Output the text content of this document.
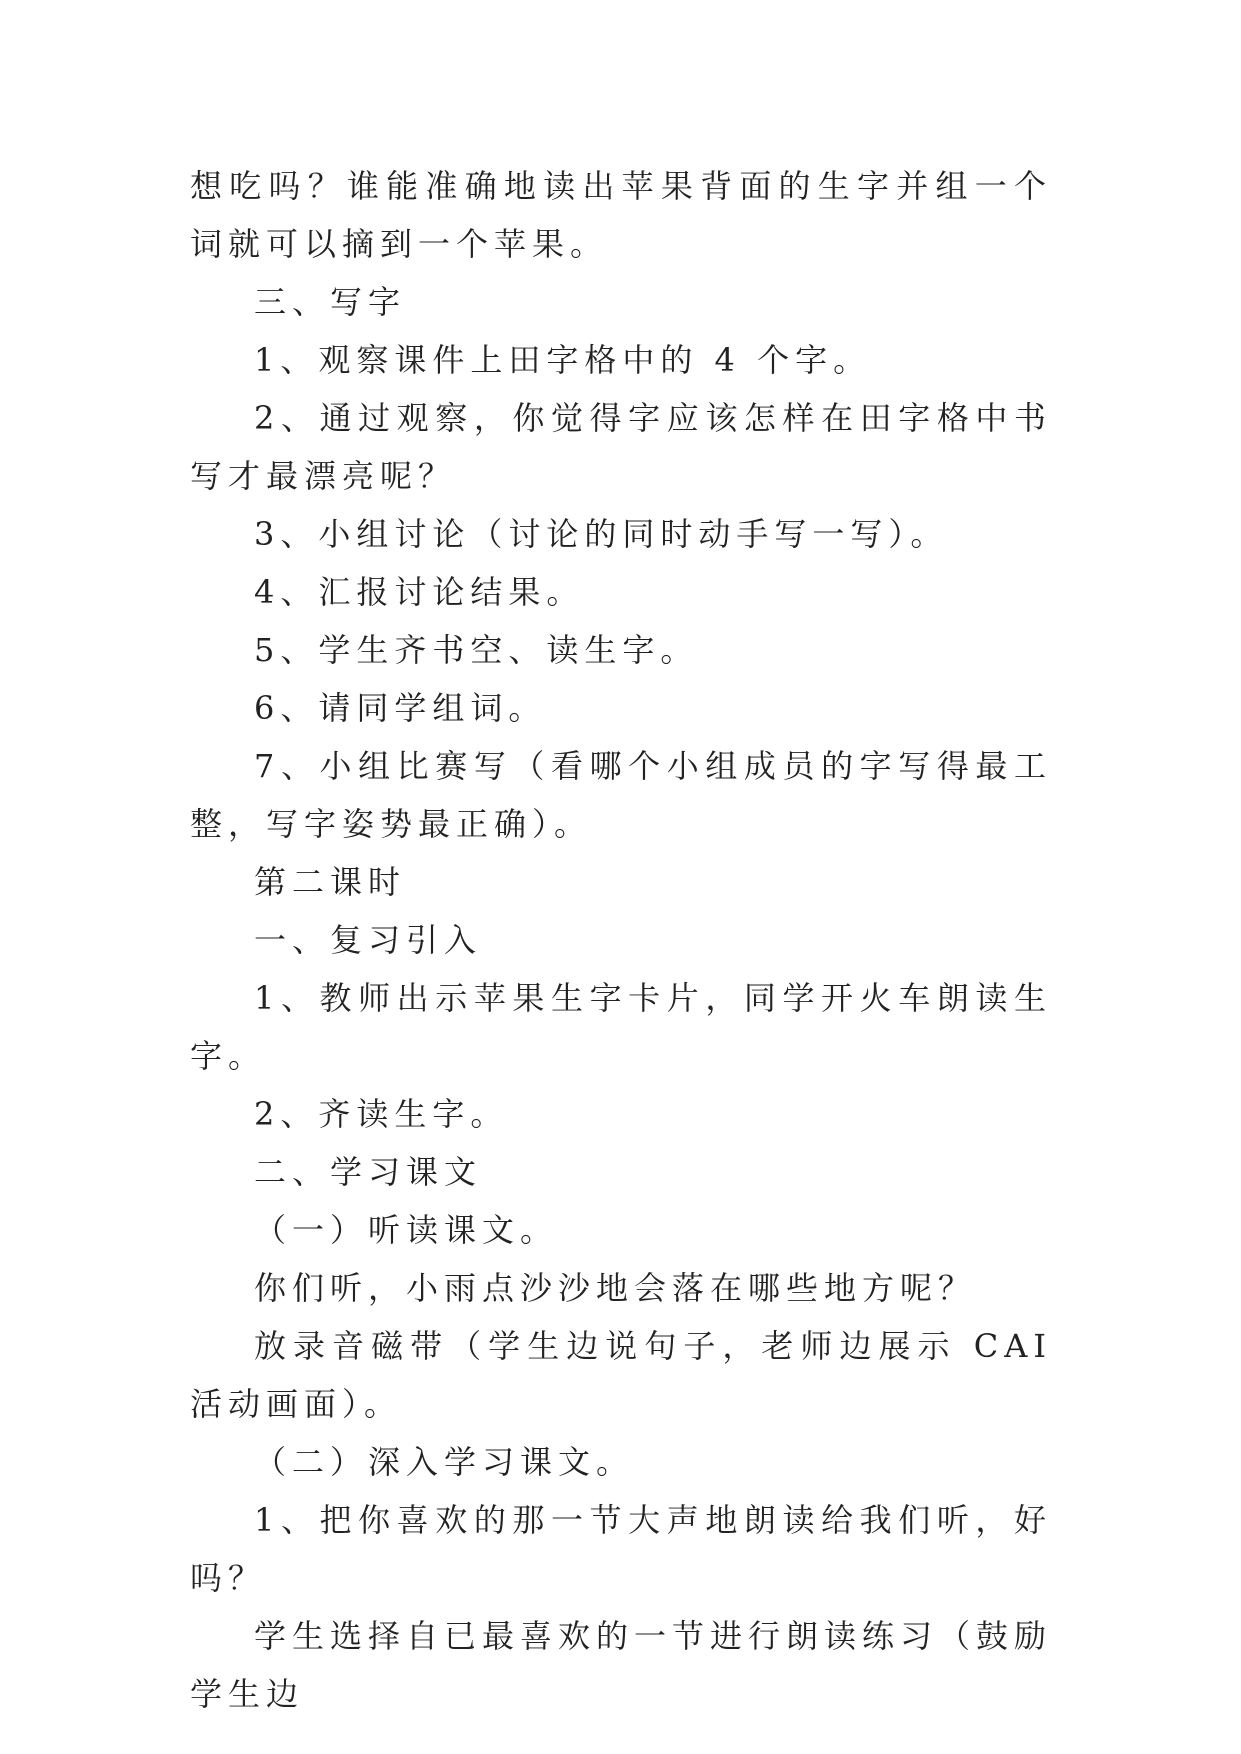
想吃吗？谁能准确地读出苹果背面的生字并组一个词就可以摘到一个苹果。

三、写字

1、观察课件上田字格中的 4 个字。

2、通过观察，你觉得字应该怎样在田字格中书写才最漂亮呢？

3、小组讨论（讨论的同时动手写一写）。

4、汇报讨论结果。

5、学生齐书空、读生字。

6、请同学组词。

7、小组比赛写（看哪个小组成员的字写得最工整，写字姿势最正确）。

第二课时

一、复习引入

1、教师出示苹果生字卡片，同学开火车朗读生字。

2、齐读生字。

二、学习课文

（一）听读课文。

你们听，小雨点沙沙地会落在哪些地方呢？

放录音磁带（学生边说句子，老师边展示 CAI 活动画面）。

（二）深入学习课文。

1、把你喜欢的那一节大声地朗读给我们听，好吗？

学生选择自已最喜欢的一节进行朗读练习（鼓励学生边
